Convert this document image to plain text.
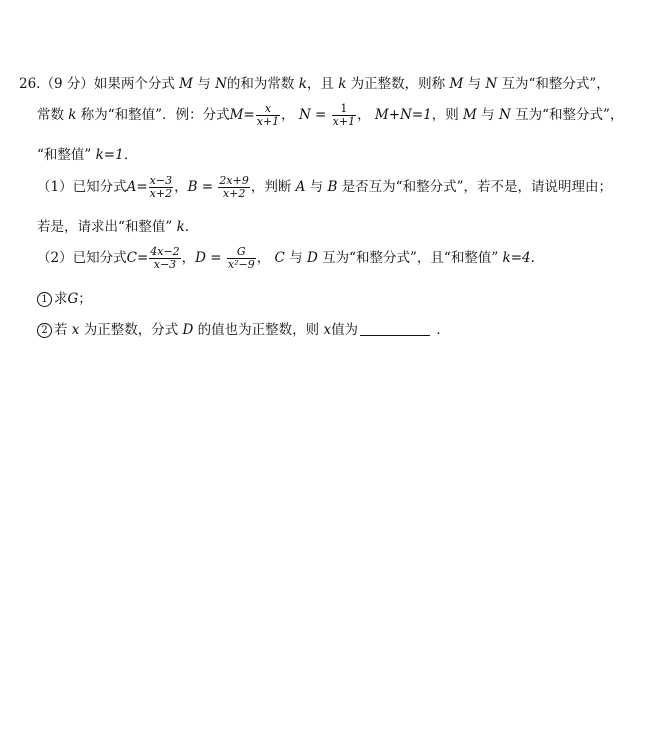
26.（9 分）如果两个分式 M 与 N的和为常数 k，且 k 为正整数，则称 M 与 N 互为“和整分式”，
常数 k 称为“和整值”．例：分式$M= \frac{x}{x+1}$ ， $N = \frac{1}{x+1}$ ， M+N=1，则 M 与 N 互为“和整分式”，
“和整值” k=1．
（1）已知分式$A= \frac{x-3}{x+2}$ ，$B = \frac{2x+9}{x+2}$ ，判断 A 与 B 是否互为“和整分式”，若不是，请说明理由；
若是，请求出“和整值” k.
（2）已知分式$C= \frac{4x-2}{x-3}$ ，$D = \frac{G}{\text{x²−9}}$ ， C 与 D 互为“和整分式”，且“和整值” k=4.
1 求G；
2 若 x 为正整数，分式 D 的值也为正整数，则 x值为	．
